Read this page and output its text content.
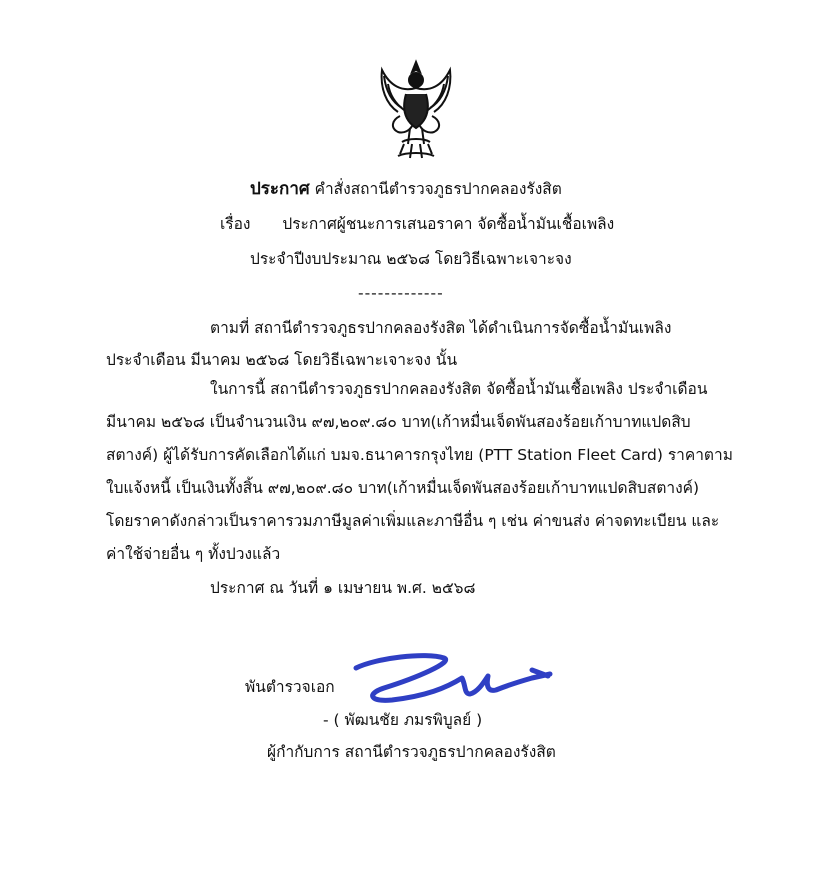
ประกาศ คำสั่งสถานีตำรวจภูธรปากคลองรังสิต
เรื่อง ประกาศผู้ชนะการเสนอราคา จัดซื้อน้ำมันเชื้อเพลิง
ประจำปีงบประมาณ ๒๕๖๘ โดยวิธีเฉพาะเจาะจง
-------------
ตามที่ สถานีตำรวจภูธรปากคลองรังสิต ได้ดำเนินการจัดซื้อน้ำมันเพลิง
ประจำเดือน มีนาคม ๒๕๖๘ โดยวิธีเฉพาะเจาะจง นั้น
ในการนี้ สถานีตำรวจภูธรปากคลองรังสิต จัดซื้อน้ำมันเชื้อเพลิง ประจำเดือน
มีนาคม ๒๕๖๘ เป็นจำนวนเงิน ๙๗,๒๐๙.๘๐ บาท(เก้าหมื่นเจ็ดพันสองร้อยเก้าบาทแปดสิบ
สตางค์) ผู้ได้รับการคัดเลือกได้แก่ บมจ.ธนาคารกรุงไทย (PTT Station Fleet Card) ราคาตาม
ใบแจ้งหนี้ เป็นเงินทั้งสิ้น ๙๗,๒๐๙.๘๐ บาท(เก้าหมื่นเจ็ดพันสองร้อยเก้าบาทแปดสิบสตางค์)
โดยราคาดังกล่าวเป็นราคารวมภาษีมูลค่าเพิ่มและภาษีอื่น ๆ เช่น ค่าขนส่ง ค่าจดทะเบียน และ
ค่าใช้จ่ายอื่น ๆ ทั้งปวงแล้ว
ประกาศ ณ วันที่ ๑ เมษายน พ.ศ. ๒๕๖๘
พันตำรวจเอก
- ( พัฒนชัย ภมรพิบูลย์ )
ผู้กำกับการ สถานีตำรวจภูธรปากคลองรังสิต
